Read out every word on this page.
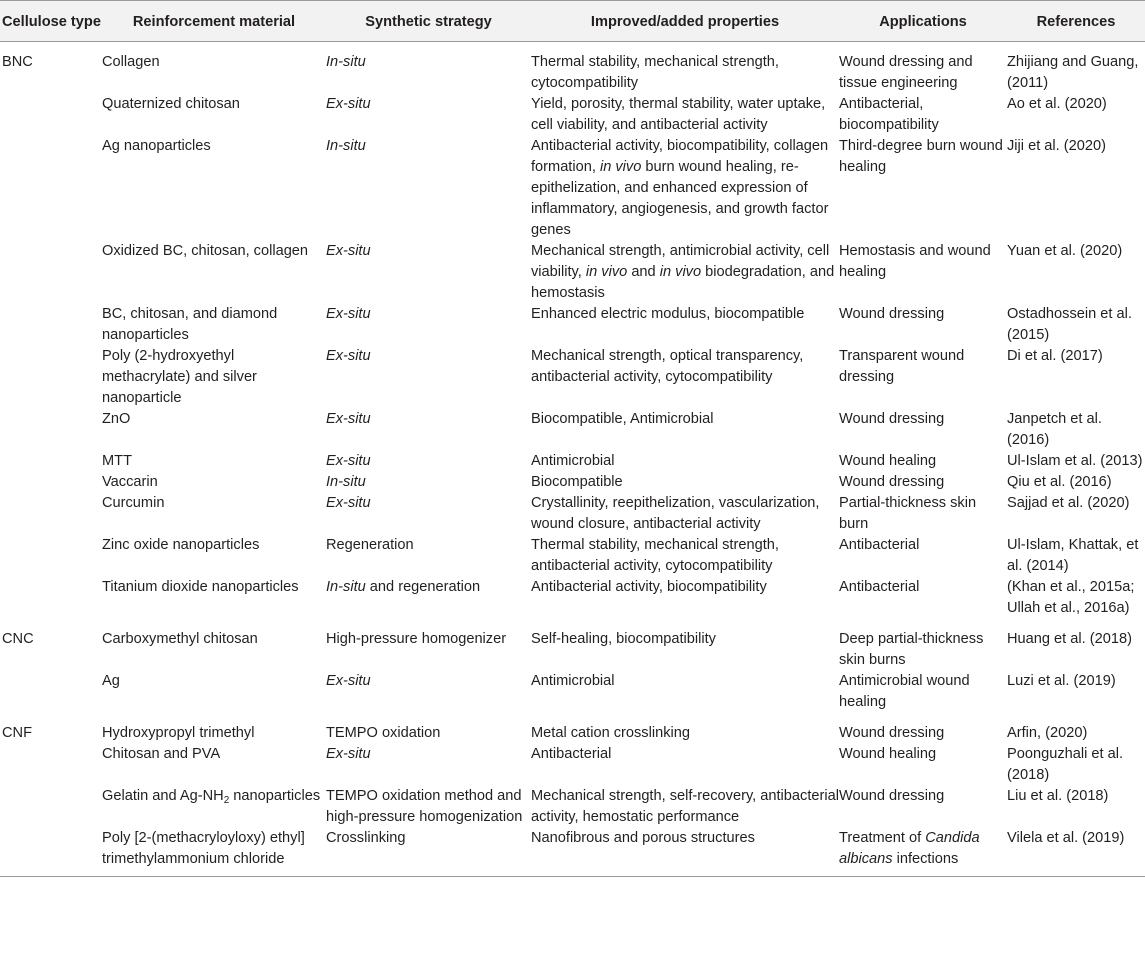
Cellulose type	Reinforcement material	Synthetic strategy	Improved/added properties	Applications	References
BNC	Collagen	In-situ	Thermal stability, mechanical strength, cytocompatibility	Wound dressing and tissue engineering	Zhijiang and Guang, (2011)
	Quaternized chitosan	Ex-situ	Yield, porosity, thermal stability, water uptake, cell viability, and antibacterial activity	Antibacterial, biocompatibility	Ao et al. (2020)
	Ag nanoparticles	In-situ	Antibacterial activity, biocompatibility, collagen formation, in vivo burn wound healing, re-epithelization, and enhanced expression of inflammatory, angiogenesis, and growth factor genes	Third-degree burn wound healing	Jiji et al. (2020)
	Oxidized BC, chitosan, collagen	Ex-situ	Mechanical strength, antimicrobial activity, cell viability, in vivo and in vivo biodegradation, and hemostasis	Hemostasis and wound healing	Yuan et al. (2020)
	BC, chitosan, and diamond nanoparticles	Ex-situ	Enhanced electric modulus, biocompatible	Wound dressing	Ostadhossein et al. (2015)
	Poly (2-hydroxyethyl methacrylate) and silver nanoparticle	Ex-situ	Mechanical strength, optical transparency, antibacterial activity, cytocompatibility	Transparent wound dressing	Di et al. (2017)
	ZnO	Ex-situ	Biocompatible, Antimicrobial	Wound dressing	Janpetch et al. (2016)
	MTT	Ex-situ	Antimicrobial	Wound healing	Ul-Islam et al. (2013)
	Vaccarin	In-situ	Biocompatible	Wound dressing	Qiu et al. (2016)
	Curcumin	Ex-situ	Crystallinity, reepithelization, vascularization, wound closure, antibacterial activity	Partial-thickness skin burn	Sajjad et al. (2020)
	Zinc oxide nanoparticles	Regeneration	Thermal stability, mechanical strength, antibacterial activity, cytocompatibility	Antibacterial	Ul-Islam, Khattak, et al. (2014)
	Titanium dioxide nanoparticles	In-situ and regeneration	Antibacterial activity, biocompatibility	Antibacterial	(Khan et al., 2015a; Ullah et al., 2016a)
CNC	Carboxymethyl chitosan	High-pressure homogenizer	Self-healing, biocompatibility	Deep partial-thickness skin burns	Huang et al. (2018)
	Ag	Ex-situ	Antimicrobial	Antimicrobial wound healing	Luzi et al. (2019)
CNF	Hydroxypropyl trimethyl	TEMPO oxidation	Metal cation crosslinking	Wound dressing	Arfin, (2020)
	Chitosan and PVA	Ex-situ	Antibacterial	Wound healing	Poonguzhali et al. (2018)
	Gelatin and $Ag-NH_2$ nanoparticles	TEMPO oxidation method and high-pressure homogenization	Mechanical strength, self-recovery, antibacterial activity, hemostatic performance	Wound dressing	Liu et al. (2018)
	Poly [2-(methacryloyloxy) ethyl] trimethylammonium chloride	Crosslinking	Nanofibrous and porous structures	Treatment of Candida albicans infections	Vilela et al. (2019)
